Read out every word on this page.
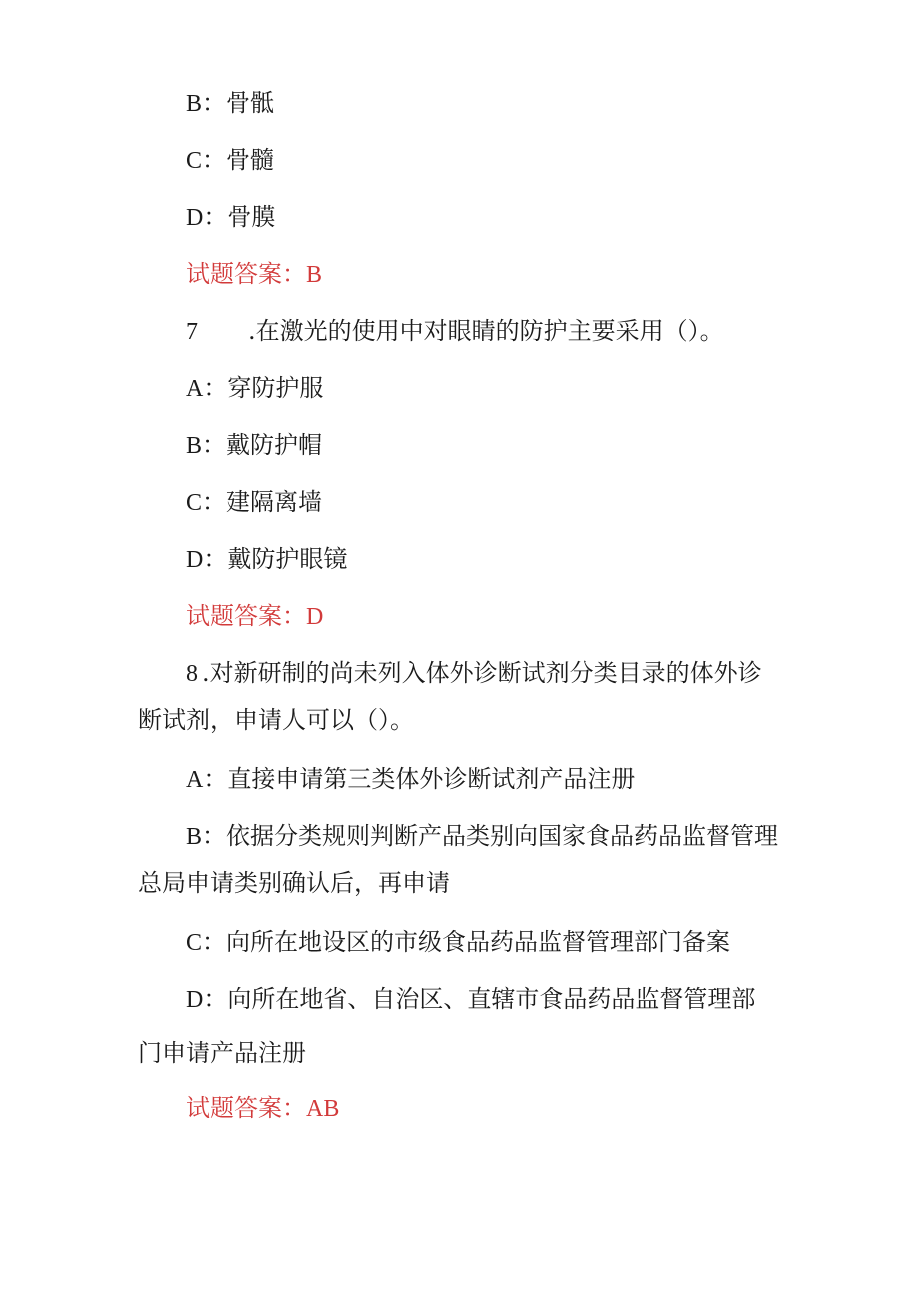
B：骨骶
C：骨髓
D：骨膜
试题答案：B
7 .在激光的使用中对眼睛的防护主要采用（）。
A：穿防护服
B：戴防护帽
C：建隔离墙
D：戴防护眼镜
试题答案：D
8 .对新研制的尚未列入体外诊断试剂分类目录的体外诊
断试剂，申请人可以（）。
A：直接申请第三类体外诊断试剂产品注册
B：依据分类规则判断产品类别向国家食品药品监督管理
总局申请类别确认后，再申请
C：向所在地设区的市级食品药品监督管理部门备案
D：向所在地省、自治区、直辖市食品药品监督管理部
门申请产品注册
试题答案：AB
